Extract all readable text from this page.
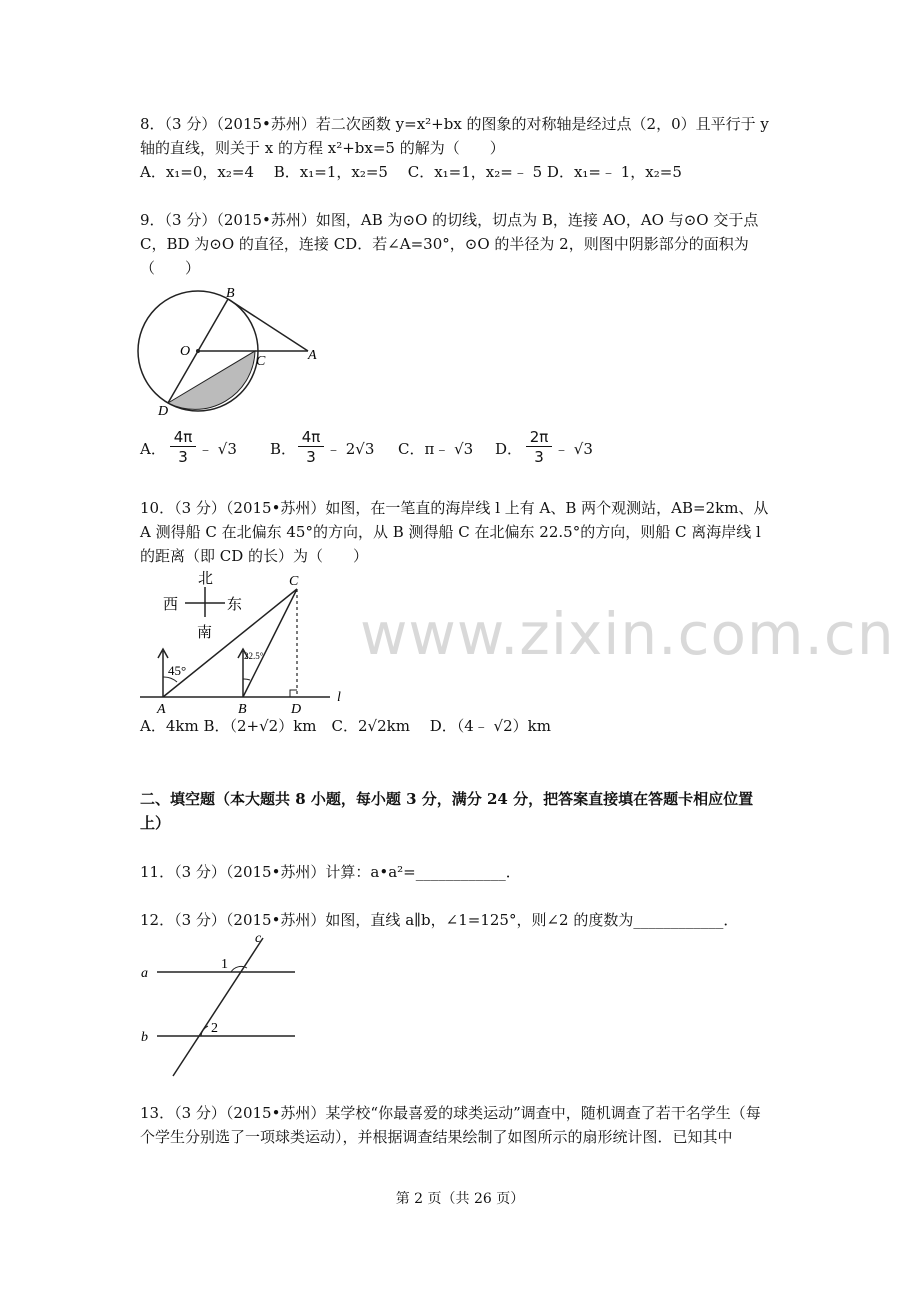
www.zixin.com.cn
8．（3 分）（2015•苏州）若二次函数 y=x²+bx 的图象的对称轴是经过点（2，0）且平行于 y
轴的直线，则关于 x 的方程 x²+bx=5 的解为（　　）
A．x₁=0，x₂=4　 B．x₁=1，x₂=5　 C．x₁=1，x₂=﹣ 5 D．x₁=﹣ 1，x₂=5
9．（3 分）（2015•苏州）如图，AB 为⊙O 的切线，切点为 B，连接 AO，AO 与⊙O 交于点
C，BD 为⊙O 的直径，连接 CD．若∠A=30°，⊙O 的半径为 2，则图中阴影部分的面积为
（　　）
B
O
C	A
D
A．
4π
3 ﹣ √3 B．
4π
3 ﹣ 2√3 C．π﹣ √3 D．
2π
3 ﹣ √3
10．（3 分）（2015•苏州）如图，在一笔直的海岸线 l 上有 A、B 两个观测站，AB=2km、从
A 测得船 C 在北偏东 45°的方向，从 B 测得船 C 在北偏东 22.5°的方向，则船 C 离海岸线 l
的距离（即 CD 的长）为（　　）
北
西	东
南
45°
22.5°
C
A	B	D
l
A．4km B．（2+√2）km　C．2√2km　 D．（4﹣ √2）km
二、填空题（本大题共 8 小题，每小题 3 分，满分 24 分，把答案直接填在答题卡相应位置
上）
11．（3 分）（2015•苏州）计算：a•a²=____________．
12．（3 分）（2015•苏州）如图，直线 a∥b，∠1=125°，则∠2 的度数为____________．
a
b
c
1
2
13．（3 分）（2015•苏州）某学校“你最喜爱的球类运动”调查中，随机调查了若干名学生（每
个学生分别选了一项球类运动），并根据调查结果绘制了如图所示的扇形统计图．已知其中
第 2 页（共 26 页）
